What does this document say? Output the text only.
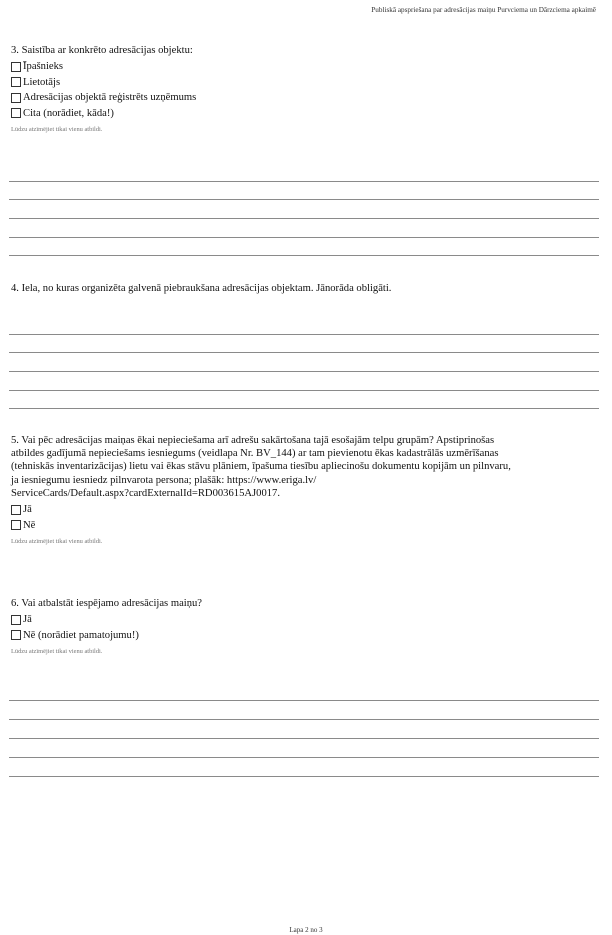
Publiskā apspriešana par adresācijas maiņu Purvciema un Dārzciema apkaimē

3. Saistība ar konkrēto adresācijas objektu:

Īpašnieks
Lietotājs
Adresācijas objektā reģistrēts uzņēmums
Cita (norādiet, kāda!)
Lūdzu atzīmējiet tikai vienu atbildi.

4. Iela, no kuras organizēta galvenā piebraukšana adresācijas objektam. Jānorāda obligāti.

5. Vai pēc adresācijas maiņas ēkai nepieciešama arī adrešu sakārtošana tajā esošajām telpu grupām? Apstiprinošas
atbildes gadījumā nepieciešams iesniegums (veidlapa Nr. BV_144) ar tam pievienotu ēkas kadastrālās uzmērīšanas
(tehniskās inventarizācijas) lietu vai ēkas stāvu plāniem, īpašuma tiesību apliecinošu dokumentu kopijām un pilnvaru,
ja iesniegumu iesniedz pilnvarota persona; plašāk: https://www.eriga.lv/
ServiceCards/Default.aspx?cardExternalId=RD003615AJ0017.
Jā
Nē
Lūdzu atzīmējiet tikai vienu atbildi.

6. Vai atbalstāt iespējamo adresācijas maiņu?

Jā
Nē (norādiet pamatojumu!)
Lūdzu atzīmējiet tikai vienu atbildi.
Lapa 2 no 3
